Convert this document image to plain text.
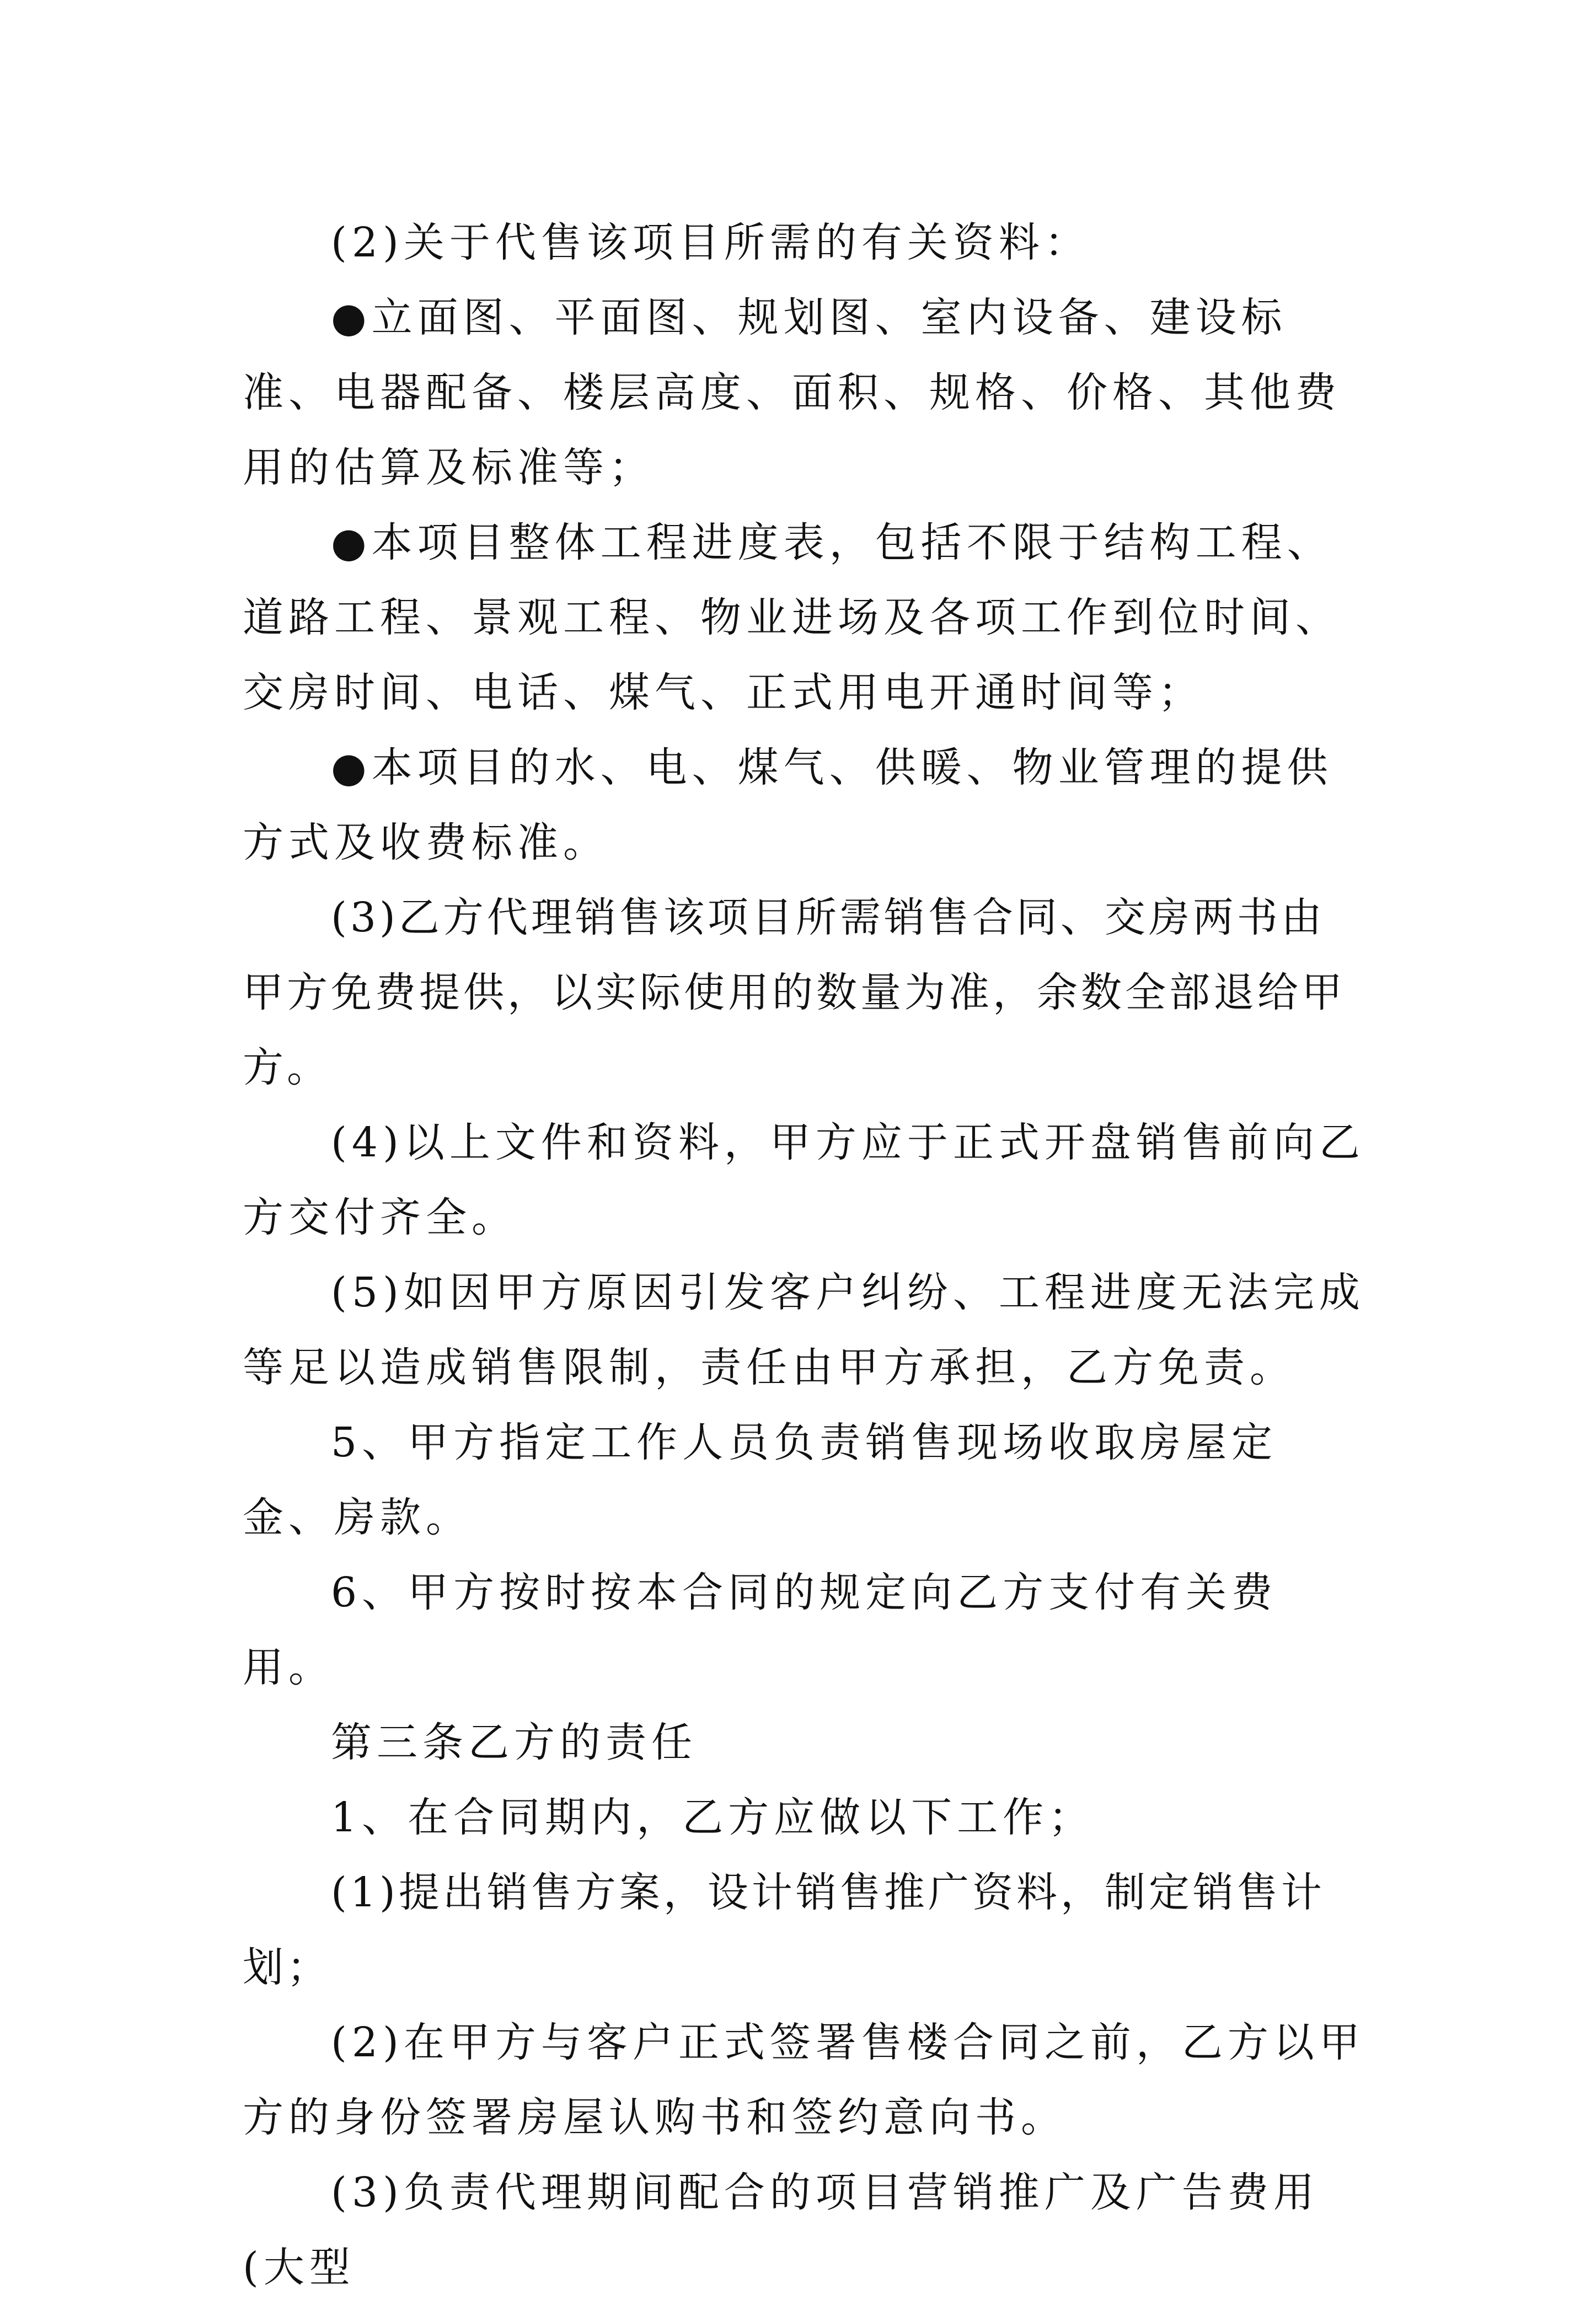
(2)关于代售该项目所需的有关资料：

●立面图、平面图、规划图、室内设备、建设标准、电器配备、楼层高度、面积、规格、价格、其他费用的估算及标准等；

●本项目整体工程进度表，包括不限于结构工程、道路工程、景观工程、物业进场及各项工作到位时间、交房时间、电话、煤气、正式用电开通时间等；

●本项目的水、电、煤气、供暖、物业管理的提供方式及收费标准。

(3)乙方代理销售该项目所需销售合同、交房两书由甲方免费提供，以实际使用的数量为准，余数全部退给甲方。

(4)以上文件和资料，甲方应于正式开盘销售前向乙方交付齐全。

(5)如因甲方原因引发客户纠纷、工程进度无法完成等足以造成销售限制，责任由甲方承担，乙方免责。

5、甲方指定工作人员负责销售现场收取房屋定金、房款。

6、甲方按时按本合同的规定向乙方支付有关费用。

第三条乙方的责任

1、在合同期内，乙方应做以下工作；

(1)提出销售方案，设计销售推广资料，制定销售计划；

(2)在甲方与客户正式签署售楼合同之前，乙方以甲方的身份签署房屋认购书和签约意向书。

(3)负责代理期间配合的项目营销推广及广告费用(大型
